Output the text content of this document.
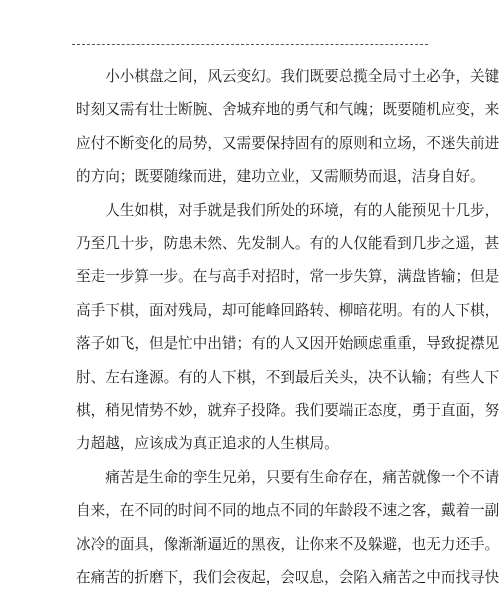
小小棋盘之间，风云变幻。我们既要总揽全局寸土必争，关键
时刻又需有壮士断腕、舍城弃地的勇气和气魄；既要随机应变，来
应付不断变化的局势，又需要保持固有的原则和立场，不迷失前进
的方向；既要随缘而进，建功立业，又需顺势而退，洁身自好。

人生如棋，对手就是我们所处的环境，有的人能预见十几步，
乃至几十步，防患未然、先发制人。有的人仅能看到几步之遥，甚
至走一步算一步。在与高手对招时，常一步失算，满盘皆输；但是
高手下棋，面对残局，却可能峰回路转、柳暗花明。有的人下棋，
落子如飞，但是忙中出错；有的人又因开始顾虑重重，导致捉襟见
肘、左右逢源。有的人下棋，不到最后关头，决不认输；有些人下
棋，稍见情势不妙，就弃子投降。我们要端正态度，勇于直面，努
力超越，应该成为真正追求的人生棋局。

痛苦是生命的孪生兄弟，只要有生命存在，痛苦就像一个不请
自来，在不同的时间不同的地点不同的年龄段不速之客，戴着一副
冰冷的面具，像渐渐逼近的黑夜，让你来不及躲避，也无力还手。
在痛苦的折磨下，我们会夜起，会叹息，会陷入痛苦之中而找寻快
